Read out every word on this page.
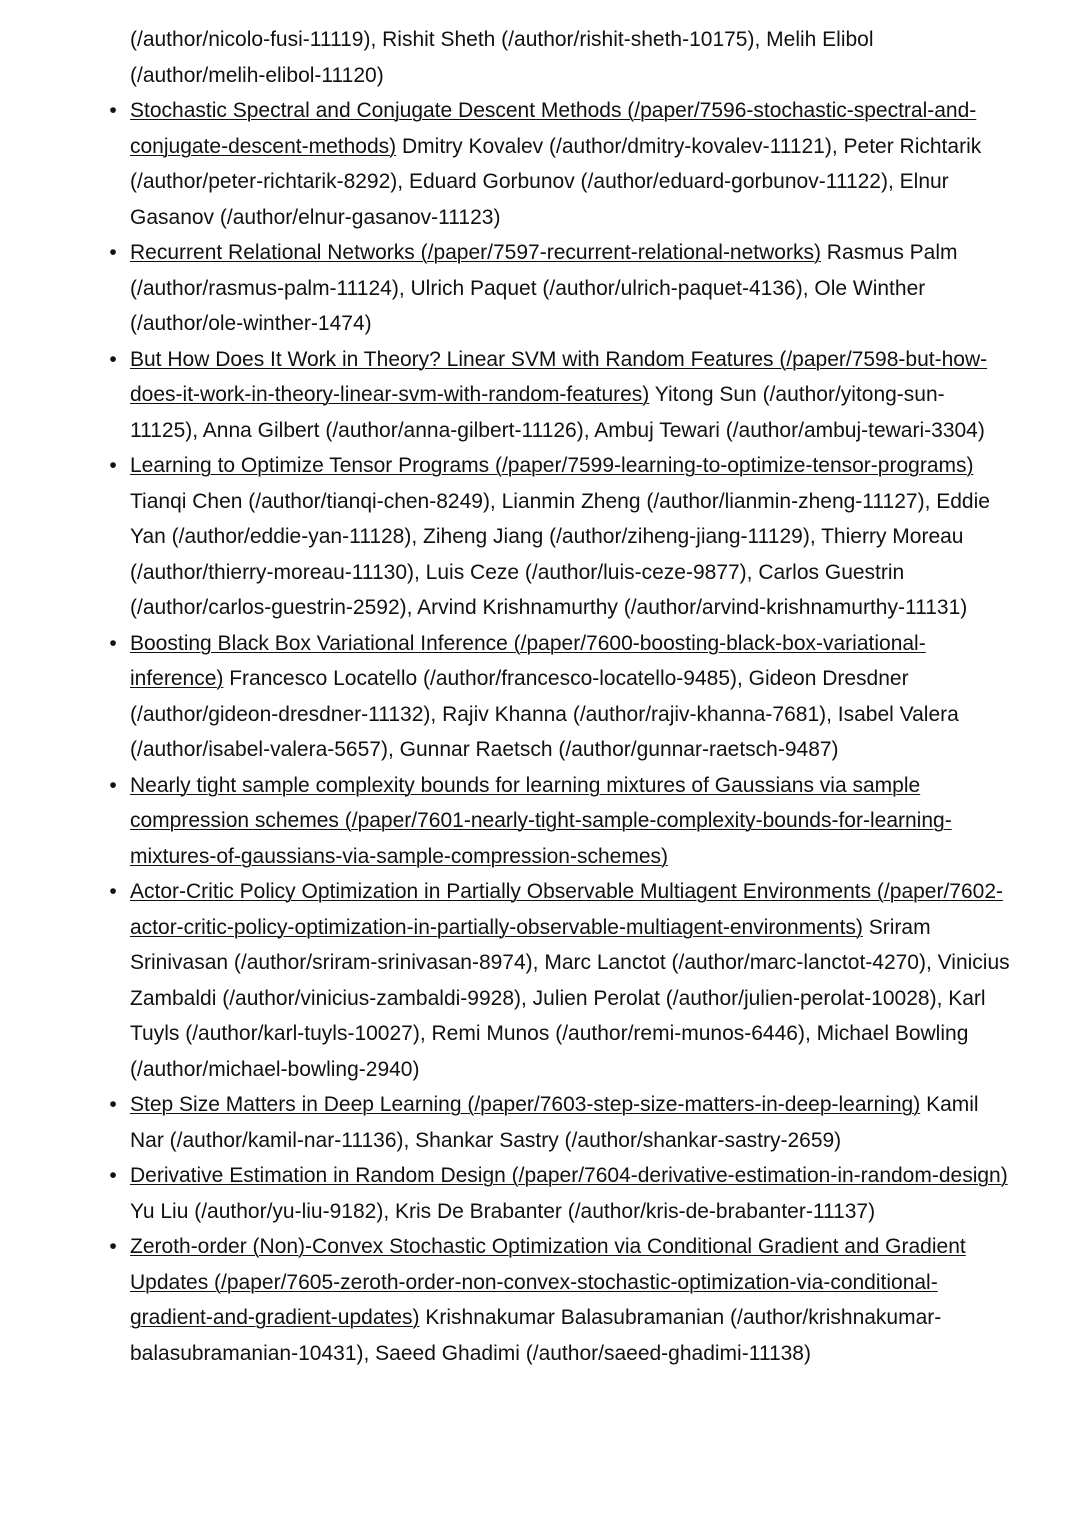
(/author/nicolo-fusi-11119), Rishit Sheth (/author/rishit-sheth-10175), Melih Elibol (/author/melih-elibol-11120)
• Stochastic Spectral and Conjugate Descent Methods (/paper/7596-stochastic-spectral-and-conjugate-descent-methods) Dmitry Kovalev (/author/dmitry-kovalev-11121), Peter Richtarik (/author/peter-richtarik-8292), Eduard Gorbunov (/author/eduard-gorbunov-11122), Elnur Gasanov (/author/elnur-gasanov-11123)
• Recurrent Relational Networks (/paper/7597-recurrent-relational-networks) Rasmus Palm (/author/rasmus-palm-11124), Ulrich Paquet (/author/ulrich-paquet-4136), Ole Winther (/author/ole-winther-1474)
• But How Does It Work in Theory? Linear SVM with Random Features (/paper/7598-but-how-does-it-work-in-theory-linear-svm-with-random-features) Yitong Sun (/author/yitong-sun-11125), Anna Gilbert (/author/anna-gilbert-11126), Ambuj Tewari (/author/ambuj-tewari-3304)
• Learning to Optimize Tensor Programs (/paper/7599-learning-to-optimize-tensor-programs) Tianqi Chen (/author/tianqi-chen-8249), Lianmin Zheng (/author/lianmin-zheng-11127), Eddie Yan (/author/eddie-yan-11128), Ziheng Jiang (/author/ziheng-jiang-11129), Thierry Moreau (/author/thierry-moreau-11130), Luis Ceze (/author/luis-ceze-9877), Carlos Guestrin (/author/carlos-guestrin-2592), Arvind Krishnamurthy (/author/arvind-krishnamurthy-11131)
• Boosting Black Box Variational Inference (/paper/7600-boosting-black-box-variational-inference) Francesco Locatello (/author/francesco-locatello-9485), Gideon Dresdner (/author/gideon-dresdner-11132), Rajiv Khanna (/author/rajiv-khanna-7681), Isabel Valera (/author/isabel-valera-5657), Gunnar Raetsch (/author/gunnar-raetsch-9487)
• Nearly tight sample complexity bounds for learning mixtures of Gaussians via sample compression schemes (/paper/7601-nearly-tight-sample-complexity-bounds-for-learning-mixtures-of-gaussians-via-sample-compression-schemes)
• Actor-Critic Policy Optimization in Partially Observable Multiagent Environments (/paper/7602-actor-critic-policy-optimization-in-partially-observable-multiagent-environments) Sriram Srinivasan (/author/sriram-srinivasan-8974), Marc Lanctot (/author/marc-lanctot-4270), Vinicius Zambaldi (/author/vinicius-zambaldi-9928), Julien Perolat (/author/julien-perolat-10028), Karl Tuyls (/author/karl-tuyls-10027), Remi Munos (/author/remi-munos-6446), Michael Bowling (/author/michael-bowling-2940)
• Step Size Matters in Deep Learning (/paper/7603-step-size-matters-in-deep-learning) Kamil Nar (/author/kamil-nar-11136), Shankar Sastry (/author/shankar-sastry-2659)
• Derivative Estimation in Random Design (/paper/7604-derivative-estimation-in-random-design) Yu Liu (/author/yu-liu-9182), Kris De Brabanter (/author/kris-de-brabanter-11137)
• Zeroth-order (Non)-Convex Stochastic Optimization via Conditional Gradient and Gradient Updates (/paper/7605-zeroth-order-non-convex-stochastic-optimization-via-conditional-gradient-and-gradient-updates) Krishnakumar Balasubramanian (/author/krishnakumar-balasubramanian-10431), Saeed Ghadimi (/author/saeed-ghadimi-11138)
